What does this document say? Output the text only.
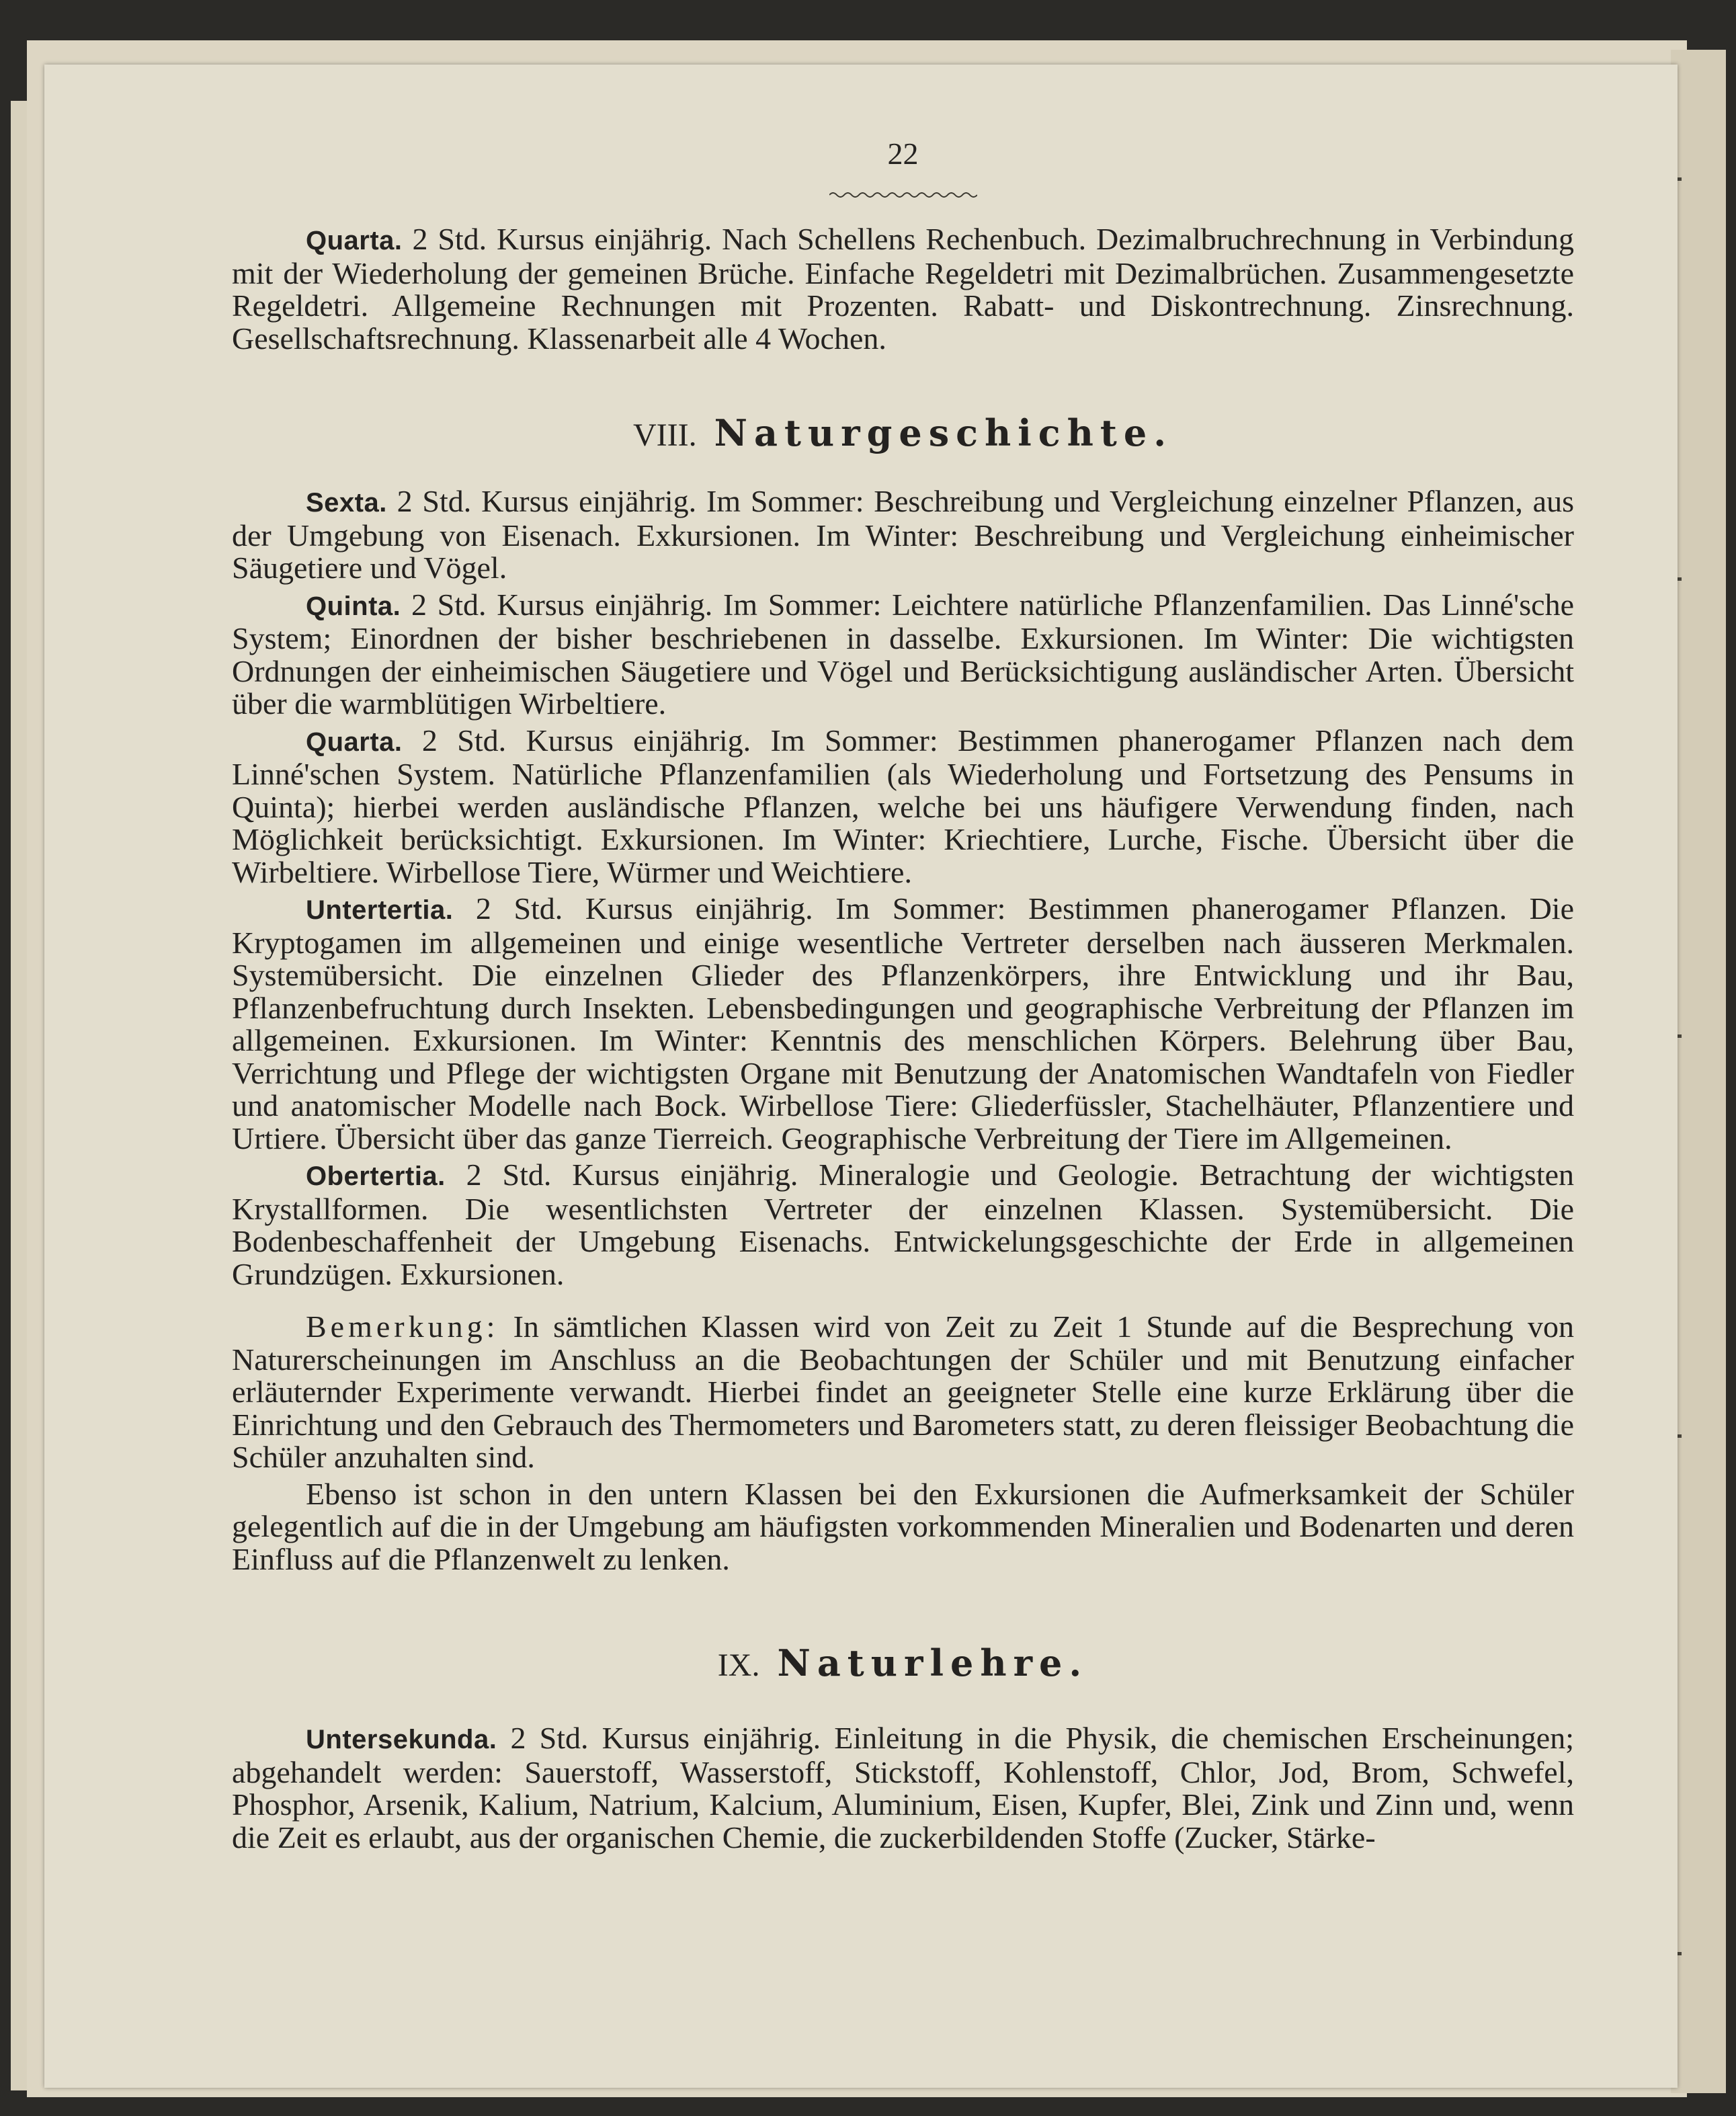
22

Quarta. 2 Std. Kursus einjährig. Nach Schellens Rechenbuch. Dezimalbruchrechnung in Verbindung mit der Wiederholung der gemeinen Brüche. Einfache Regeldetri mit Dezimalbrüchen. Zusammengesetzte Regeldetri. Allgemeine Rechnungen mit Prozenten. Rabatt- und Diskontrechnung. Zinsrechnung. Gesellschaftsrechnung. Klassenarbeit alle 4 Wochen.

VIII. Naturgeschichte.

Sexta. 2 Std. Kursus einjährig. Im Sommer: Beschreibung und Vergleichung einzelner Pflanzen, aus der Umgebung von Eisenach. Exkursionen. Im Winter: Beschreibung und Vergleichung einheimischer Säugetiere und Vögel.

Quinta. 2 Std. Kursus einjährig. Im Sommer: Leichtere natürliche Pflanzenfamilien. Das Linné'sche System; Einordnen der bisher beschriebenen in dasselbe. Exkursionen. Im Winter: Die wichtigsten Ordnungen der einheimischen Säugetiere und Vögel und Berücksichtigung ausländischer Arten. Übersicht über die warmblütigen Wirbeltiere.

Quarta. 2 Std. Kursus einjährig. Im Sommer: Bestimmen phanerogamer Pflanzen nach dem Linné'schen System. Natürliche Pflanzenfamilien (als Wiederholung und Fortsetzung des Pensums in Quinta); hierbei werden ausländische Pflanzen, welche bei uns häufigere Verwendung finden, nach Möglichkeit berücksichtigt. Exkursionen. Im Winter: Kriechtiere, Lurche, Fische. Übersicht über die Wirbeltiere. Wirbellose Tiere, Würmer und Weichtiere.

Untertertia. 2 Std. Kursus einjährig. Im Sommer: Bestimmen phanerogamer Pflanzen. Die Kryptogamen im allgemeinen und einige wesentliche Vertreter derselben nach äusseren Merkmalen. Systemübersicht. Die einzelnen Glieder des Pflanzenkörpers, ihre Entwicklung und ihr Bau, Pflanzenbefruchtung durch Insekten. Lebensbedingungen und geographische Verbreitung der Pflanzen im allgemeinen. Exkursionen. Im Winter: Kenntnis des menschlichen Körpers. Belehrung über Bau, Verrichtung und Pflege der wichtigsten Organe mit Benutzung der Anatomischen Wandtafeln von Fiedler und anatomischer Modelle nach Bock. Wirbellose Tiere: Gliederfüssler, Stachelhäuter, Pflanzentiere und Urtiere. Übersicht über das ganze Tierreich. Geographische Verbreitung der Tiere im Allgemeinen.

Obertertia. 2 Std. Kursus einjährig. Mineralogie und Geologie. Betrachtung der wichtigsten Krystallformen. Die wesentlichsten Vertreter der einzelnen Klassen. Systemübersicht. Die Bodenbeschaffenheit der Umgebung Eisenachs. Entwickelungsgeschichte der Erde in allgemeinen Grundzügen. Exkursionen.

Bemerkung: In sämtlichen Klassen wird von Zeit zu Zeit 1 Stunde auf die Besprechung von Naturerscheinungen im Anschluss an die Beobachtungen der Schüler und mit Benutzung einfacher erläuternder Experimente verwandt. Hierbei findet an geeigneter Stelle eine kurze Erklärung über die Einrichtung und den Gebrauch des Thermometers und Barometers statt, zu deren fleissiger Beobachtung die Schüler anzuhalten sind.

Ebenso ist schon in den untern Klassen bei den Exkursionen die Aufmerksamkeit der Schüler gelegentlich auf die in der Umgebung am häufigsten vorkommenden Mineralien und Bodenarten und deren Einfluss auf die Pflanzenwelt zu lenken.

IX. Naturlehre.

Untersekunda. 2 Std. Kursus einjährig. Einleitung in die Physik, die chemischen Erscheinungen; abgehandelt werden: Sauerstoff, Wasserstoff, Stickstoff, Kohlenstoff, Chlor, Jod, Brom, Schwefel, Phosphor, Arsenik, Kalium, Natrium, Kalcium, Aluminium, Eisen, Kupfer, Blei, Zink und Zinn und, wenn die Zeit es erlaubt, aus der organischen Chemie, die zuckerbildenden Stoffe (Zucker, Stärke-
